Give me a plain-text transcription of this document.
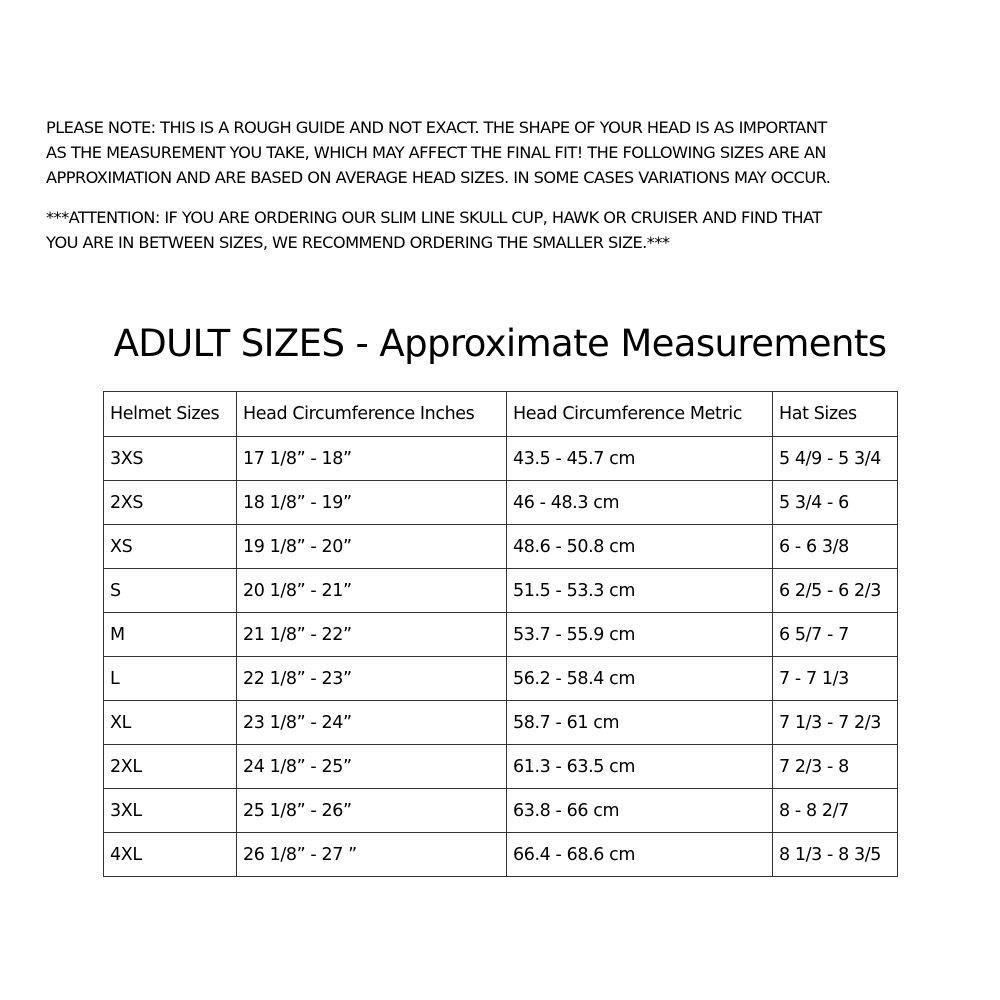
PLEASE NOTE: THIS IS A ROUGH GUIDE AND NOT EXACT. THE SHAPE OF YOUR HEAD IS AS IMPORTANT
AS THE MEASUREMENT YOU TAKE, WHICH MAY AFFECT THE FINAL FIT! THE FOLLOWING SIZES ARE AN
APPROXIMATION AND ARE BASED ON AVERAGE HEAD SIZES. IN SOME CASES VARIATIONS MAY OCCUR.

***ATTENTION: IF YOU ARE ORDERING OUR SLIM LINE SKULL CUP, HAWK OR CRUISER AND FIND THAT
YOU ARE IN BETWEEN SIZES, WE RECOMMEND ORDERING THE SMALLER SIZE.***

ADULT SIZES - Approximate Measurements
Helmet Sizes	Head Circumference Inches	Head Circumference Metric	Hat Sizes
3XS	17 1/8” - 18”	43.5 - 45.7 cm	5 4/9 - 5 3/4
2XS	18 1/8” - 19”	46 - 48.3 cm	5 3/4 - 6
XS	19 1/8” - 20”	48.6 - 50.8 cm	6 - 6 3/8
S	20 1/8” - 21”	51.5 - 53.3 cm	6 2/5 - 6 2/3
M	21 1/8” - 22”	53.7 - 55.9 cm	6 5/7 - 7
L	22 1/8” - 23”	56.2 - 58.4 cm	7 - 7 1/3
XL	23 1/8” - 24”	58.7 - 61 cm	7 1/3 - 7 2/3
2XL	24 1/8” - 25”	61.3 - 63.5 cm	7 2/3 - 8
3XL	25 1/8” - 26”	63.8 - 66 cm	8 - 8 2/7
4XL	26 1/8” - 27 ”	66.4 - 68.6 cm	8 1/3 - 8 3/5
